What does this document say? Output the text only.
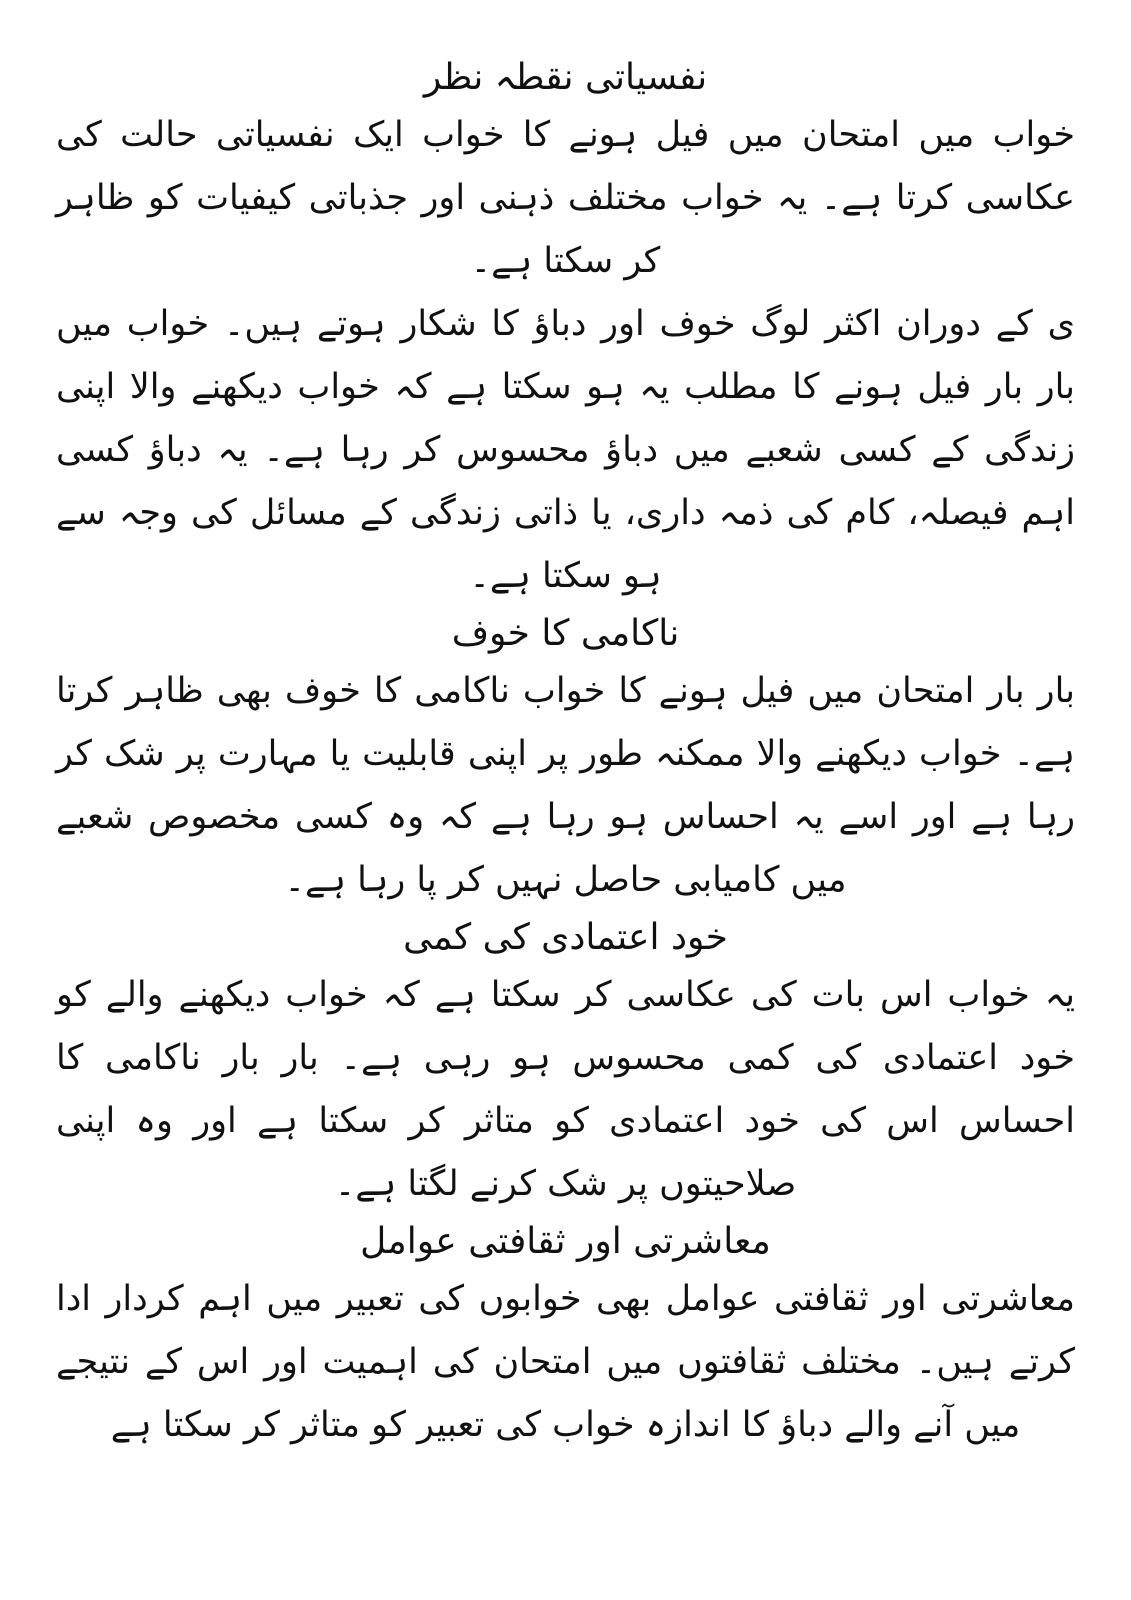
نفسیاتی نقطہ نظر

خواب میں امتحان میں فیل ہونے کا خواب ایک نفسیاتی حالت کی عکاسی کرتا ہے۔ یہ خواب مختلف ذہنی اور جذباتی کیفیات کو ظاہر کر سکتا ہے۔

ی کے دوران اکثر لوگ خوف اور دباؤ کا شکار ہوتے ہیں۔ خواب میں بار بار فیل ہونے کا مطلب یہ ہو سکتا ہے کہ خواب دیکھنے والا اپنی زندگی کے کسی شعبے میں دباؤ محسوس کر رہا ہے۔ یہ دباؤ کسی اہم فیصلہ، کام کی ذمہ داری، یا ذاتی زندگی کے مسائل کی وجہ سے ہو سکتا ہے۔

ناکامی کا خوف

بار بار امتحان میں فیل ہونے کا خواب ناکامی کا خوف بھی ظاہر کرتا ہے۔ خواب دیکھنے والا ممکنہ طور پر اپنی قابلیت یا مہارت پر شک کر رہا ہے اور اسے یہ احساس ہو رہا ہے کہ وہ کسی مخصوص شعبے میں کامیابی حاصل نہیں کر پا رہا ہے۔

خود اعتمادی کی کمی

یہ خواب اس بات کی عکاسی کر سکتا ہے کہ خواب دیکھنے والے کو خود اعتمادی کی کمی محسوس ہو رہی ہے۔ بار بار ناکامی کا احساس اس کی خود اعتمادی کو متاثر کر سکتا ہے اور وہ اپنی صلاحیتوں پر شک کرنے لگتا ہے۔

معاشرتی اور ثقافتی عوامل

معاشرتی اور ثقافتی عوامل بھی خوابوں کی تعبیر میں اہم کردار ادا کرتے ہیں۔ مختلف ثقافتوں میں امتحان کی اہمیت اور اس کے نتیجے میں آنے والے دباؤ کا اندازہ خواب کی تعبیر کو متاثر کر سکتا ہے
